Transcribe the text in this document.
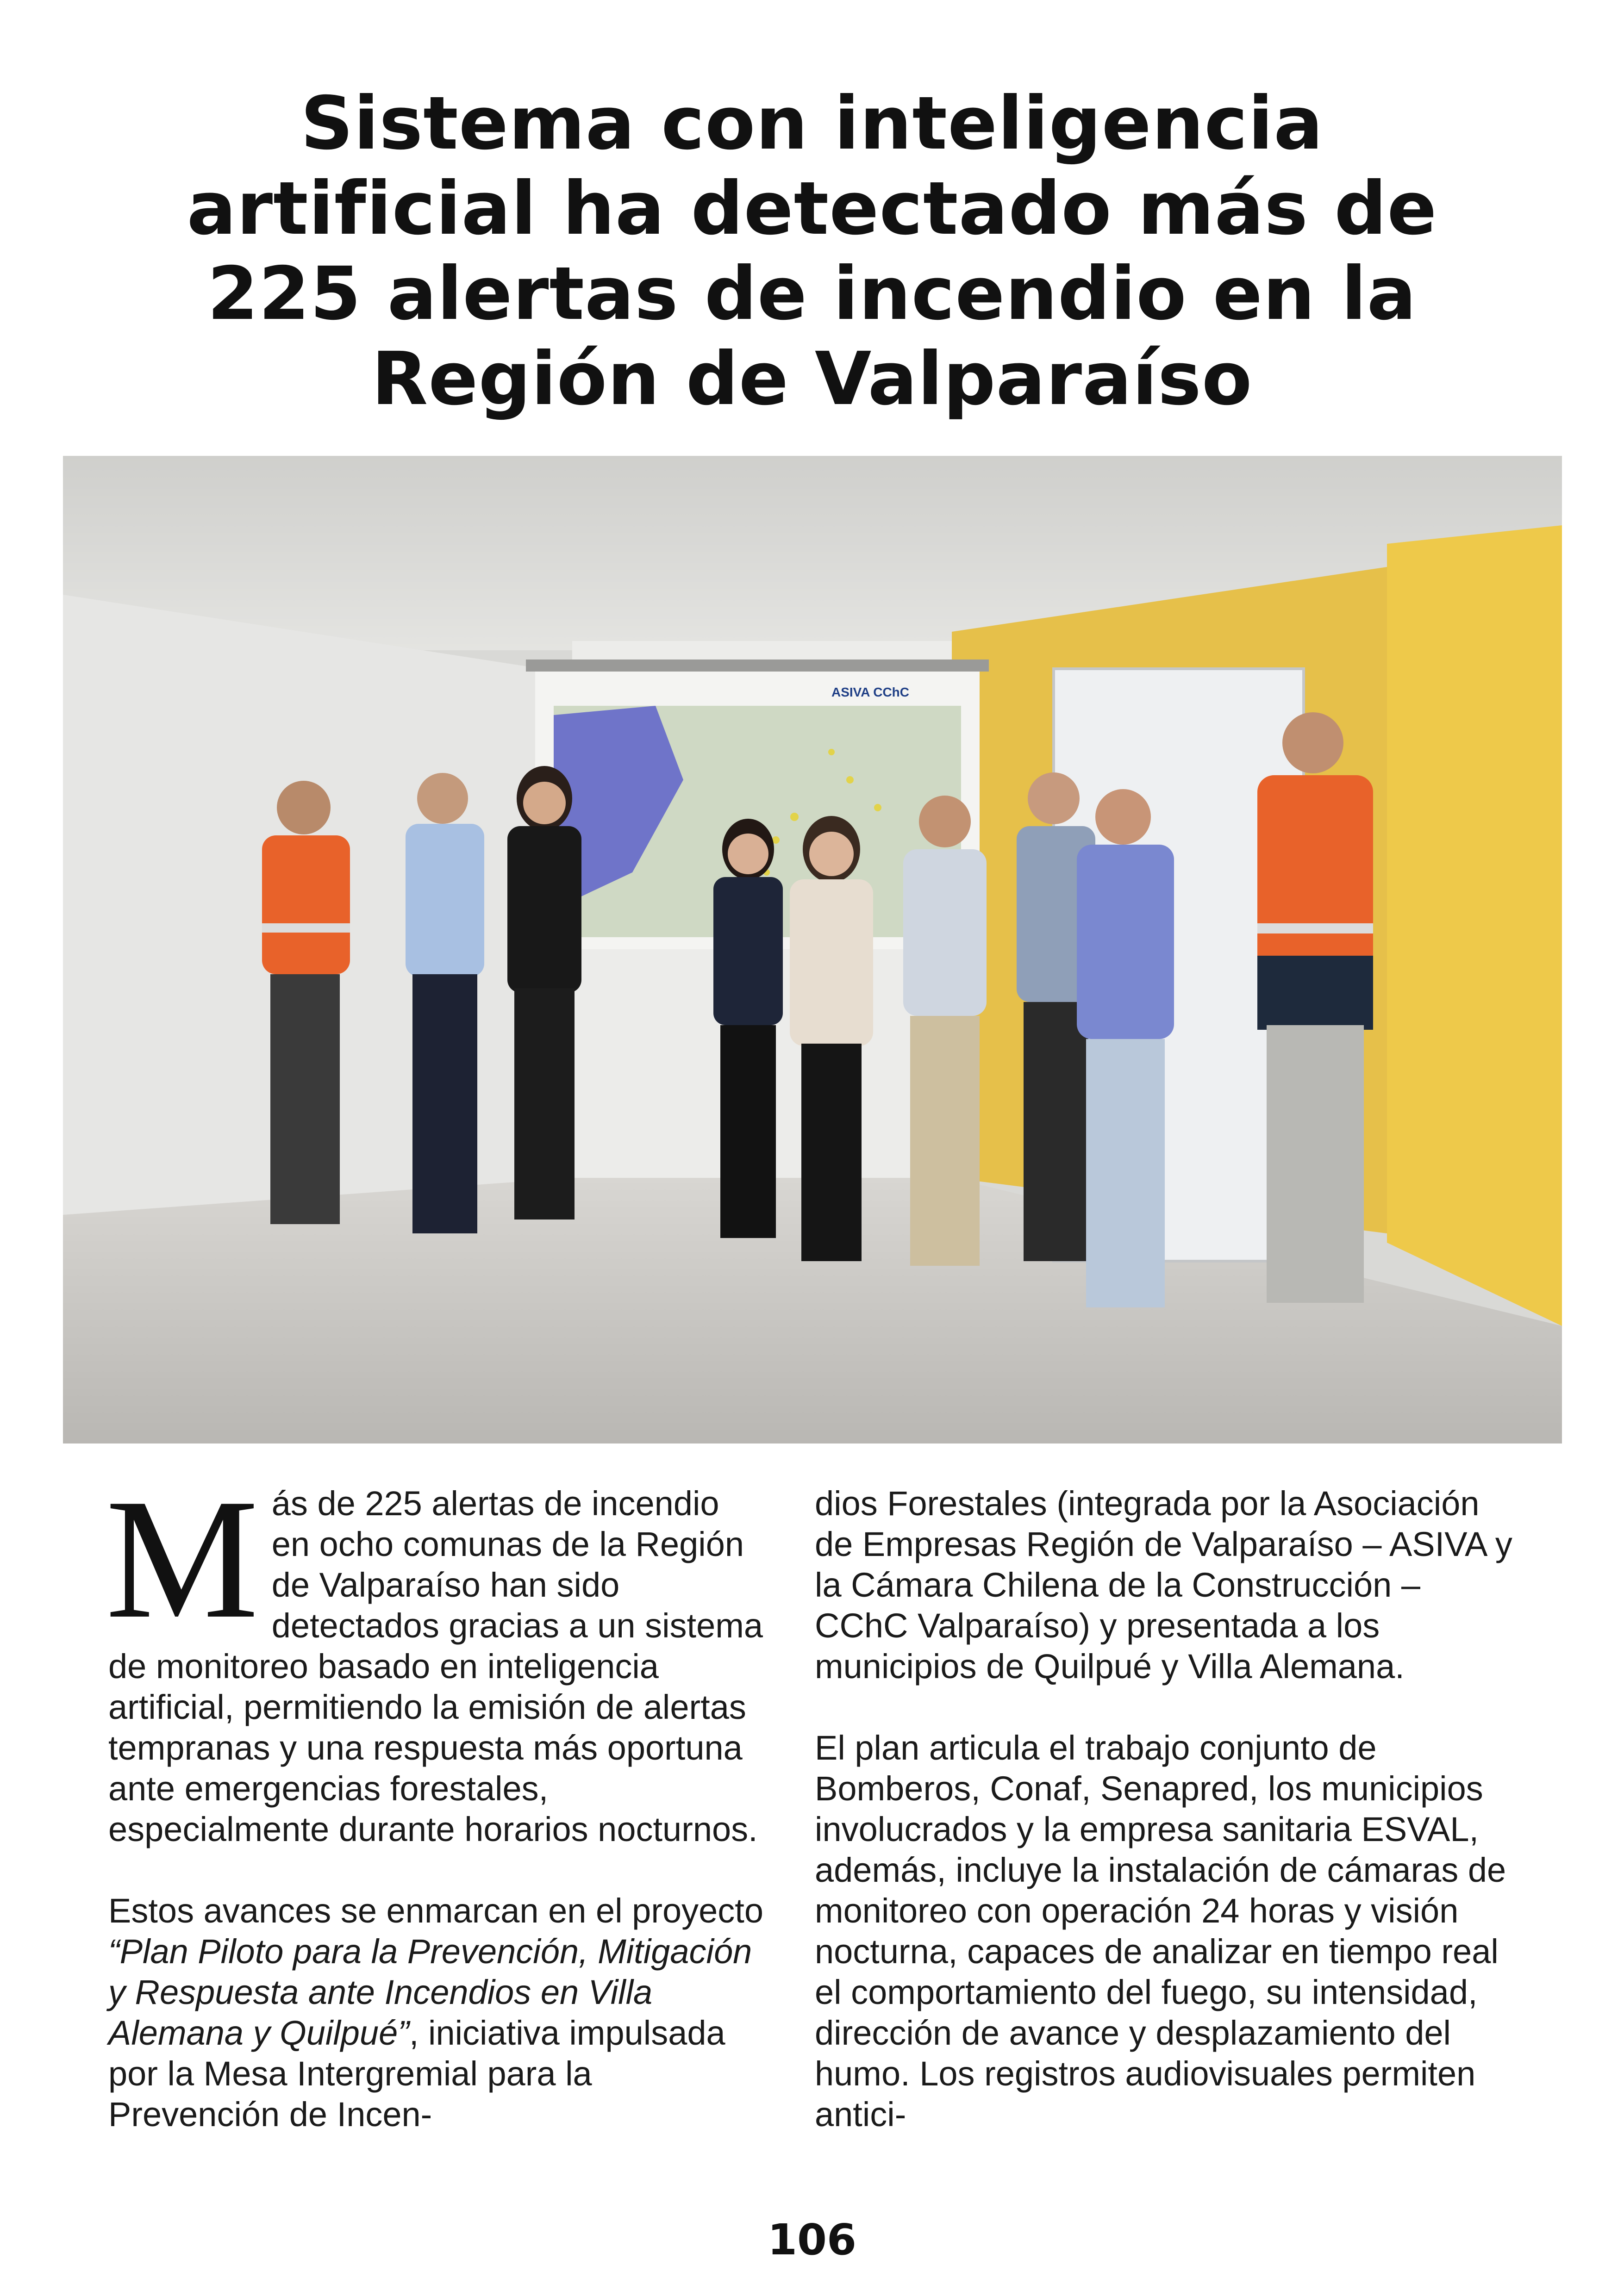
Sistema con inteligencia
artificial ha detectado más de
225 alertas de incendio en la
Región de Valparaíso
ASIVA CChC

Más de 225 alertas de incendio en ocho comunas de la Región de Valparaíso han sido detectados gracias a un sistema de monitoreo basado en inteligencia artificial, permitiendo la emisión de alertas tempranas y una respuesta más oportuna ante emergencias forestales, especialmente durante horarios nocturnos.

Estos avances se enmarcan en el proyecto “Plan Piloto para la Prevención, Mitigación y Respuesta ante Incendios en Villa Alemana y Quilpué”, iniciativa impulsada por la Mesa Intergremial para la Prevención de Incen-

dios Forestales (integrada por la Asociación de Empresas Región de Valparaíso – ASIVA y la Cámara Chilena de la Construcción – CChC Valparaíso) y presentada a los municipios de Quilpué y Villa Alemana.

El plan articula el trabajo conjunto de Bomberos, Conaf, Senapred, los municipios involucrados y la empresa sanitaria ESVAL, además, incluye la instalación de cámaras de monitoreo con operación 24 horas y visión nocturna, capaces de analizar en tiempo real el comportamiento del fuego, su intensidad, dirección de avance y desplazamiento del humo. Los registros audiovisuales permiten antici-

106
